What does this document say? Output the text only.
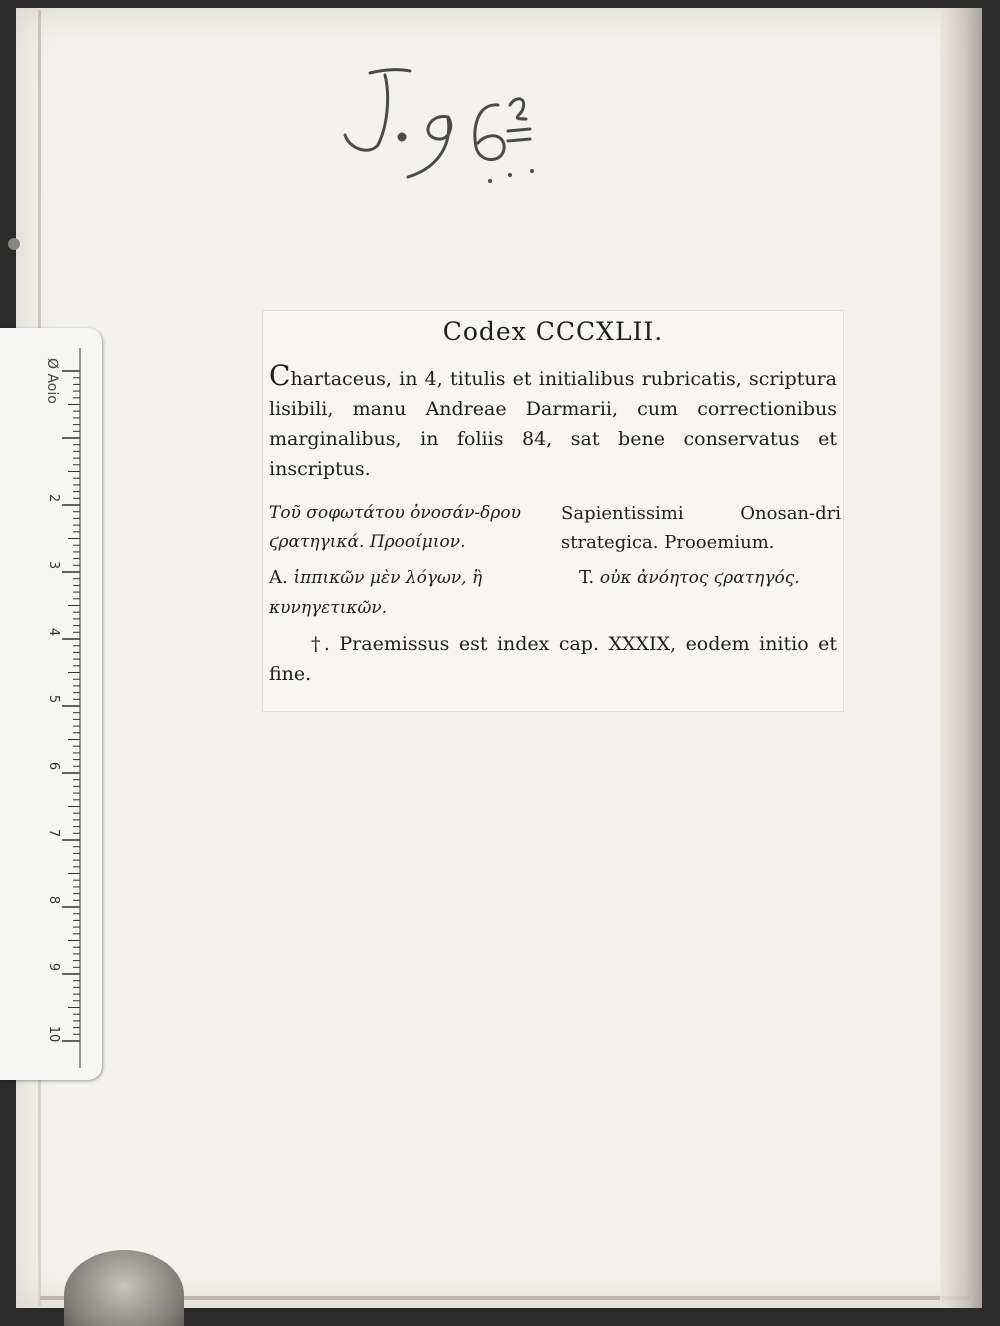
Codex CCCXLII.
Chartaceus, in 4, titulis et initialibus rubricatis, scriptura lisibili, manu Andreae Darmarii, cum correctionibus marginalibus, in foliis 84, sat bene conservatus et inscriptus.
Τοῦ σοφωτάτου ὀνοσάν-δρου ϛρατηγικά. Προοίμιον.
Sapientissimi Onosan-dri strategica. Prooemium.
A. ἱππικῶν μὲν λόγων, ἢ κυνηγετικῶν.
T. οὐκ ἀνόητος ϛρατηγός.
†. Praemissus est index cap. XXXIX, eodem initio et fine.
Ø Aoio
2
3
4
5
6
7
8
9
10
